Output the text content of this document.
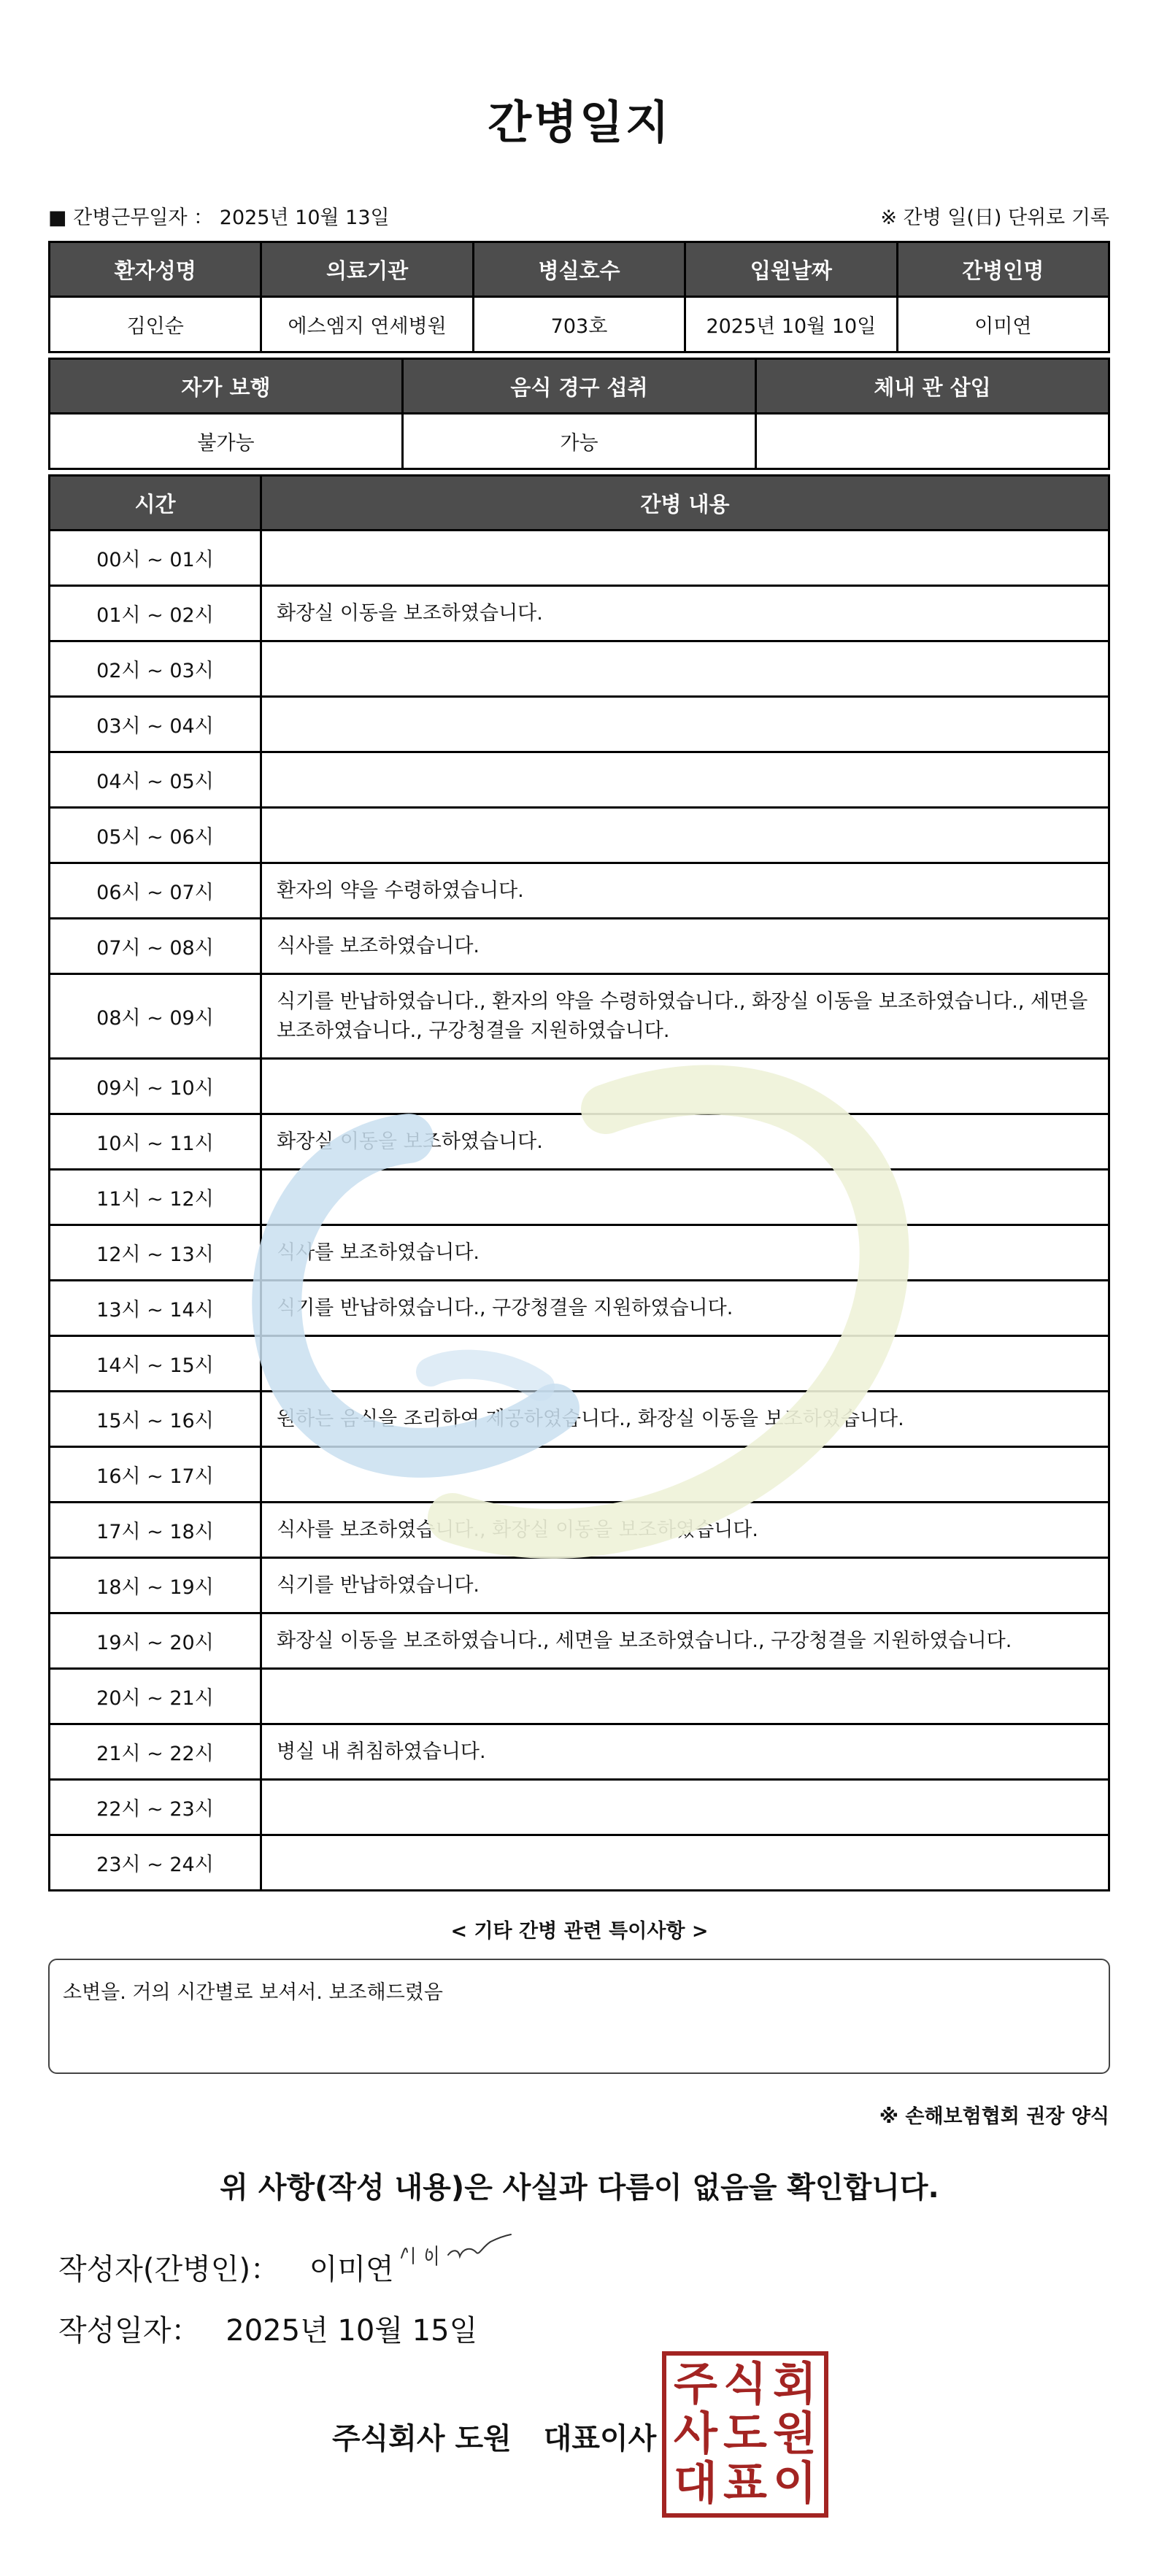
간병일지
■ 간병근무일자 ： 2025년 10월 13일	※ 간병 일(日) 단위로 기록
환자성명	의료기관	병실호수	입원날짜	간병인명
김인순	에스엠지 연세병원	703호	2025년 10월 10일	이미연
자가 보행	음식 경구 섭취	체내 관 삽입
불가능	가능	
시간	간병 내용
00시 ~ 01시	
01시 ~ 02시	화장실 이동을 보조하였습니다.
02시 ~ 03시	
03시 ~ 04시	
04시 ~ 05시	
05시 ~ 06시	
06시 ~ 07시	환자의 약을 수령하였습니다.
07시 ~ 08시	식사를 보조하였습니다.
08시 ~ 09시	식기를 반납하였습니다., 환자의 약을 수령하였습니다., 화장실 이동을 보조하였습니다., 세면을 보조하였습니다., 구강청결을 지원하였습니다.
09시 ~ 10시	
10시 ~ 11시	화장실 이동을 보조하였습니다.
11시 ~ 12시	
12시 ~ 13시	식사를 보조하였습니다.
13시 ~ 14시	식기를 반납하였습니다., 구강청결을 지원하였습니다.
14시 ~ 15시	
15시 ~ 16시	원하는 음식을 조리하여 제공하였습니다., 화장실 이동을 보조하였습니다.
16시 ~ 17시	
17시 ~ 18시	식사를 보조하였습니다., 화장실 이동을 보조하였습니다.
18시 ~ 19시	식기를 반납하였습니다.
19시 ~ 20시	화장실 이동을 보조하였습니다., 세면을 보조하였습니다., 구강청결을 지원하였습니다.
20시 ~ 21시	
21시 ~ 22시	병실 내 취침하였습니다.
22시 ~ 23시	
23시 ~ 24시	
< 기타 간병 관련 특이사항 >
소변을. 거의 시간별로 보셔서. 보조해드렸음
※ 손해보험협회 권장 양식
위 사항(작성 내용)은 사실과 다름이 없음을 확인합니다.
작성자(간병인)： 이미연
작성일자： 2025년 10월 15일
주식회사 도원 대표이사
주 식 회
사 도 원
대 표 이
